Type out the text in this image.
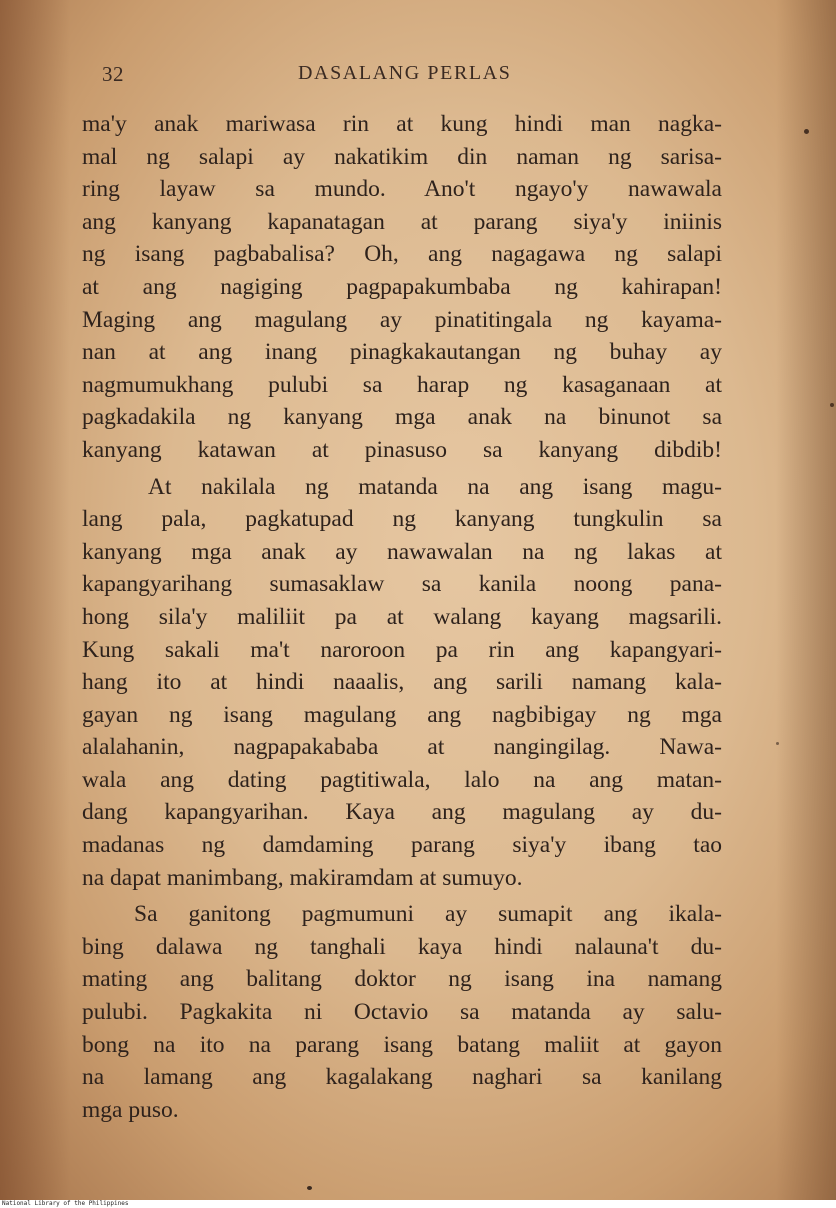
32	DASALANG PERLAS
ma'y anak mariwasa rin at kung hindi man nagka-
mal ng salapi ay nakatikim din naman ng sarisa-
ring layaw sa mundo. Ano't ngayo'y nawawala
ang kanyang kapanatagan at parang siya'y iniinis
ng isang pagbabalisa? Oh, ang nagagawa ng salapi
at ang nagiging pagpapakumbaba ng kahirapan!
Maging ang magulang ay pinatitingala ng kayama-
nan at ang inang pinagkakautangan ng buhay ay
nagmumukhang pulubi sa harap ng kasaganaan at
pagkadakila ng kanyang mga anak na binunot sa
kanyang katawan at pinasuso sa kanyang dibdib!
At nakilala ng matanda na ang isang magu-
lang pala, pagkatupad ng kanyang tungkulin sa
kanyang mga anak ay nawawalan na ng lakas at
kapangyarihang sumasaklaw sa kanila noong pana-
hong sila'y maliliit pa at walang kayang magsarili.
Kung sakali ma't naroroon pa rin ang kapangyari-
hang ito at hindi naaalis, ang sarili namang kala-
gayan ng isang magulang ang nagbibigay ng mga
alalahanin, nagpapakababa at nangingilag. Nawa-
wala ang dating pagtitiwala, lalo na ang matan-
dang kapangyarihan. Kaya ang magulang ay du-
madanas ng damdaming parang siya'y ibang tao
na dapat manimbang, makiramdam at sumuyo.
Sa ganitong pagmumuni ay sumapit ang ikala-
bing dalawa ng tanghali kaya hindi nalauna't du-
mating ang balitang doktor ng isang ina namang
pulubi. Pagkakita ni Octavio sa matanda ay salu-
bong na ito na parang isang batang maliit at gayon
na lamang ang kagalakang naghari sa kanilang
mga puso.
National Library of the Philippines
